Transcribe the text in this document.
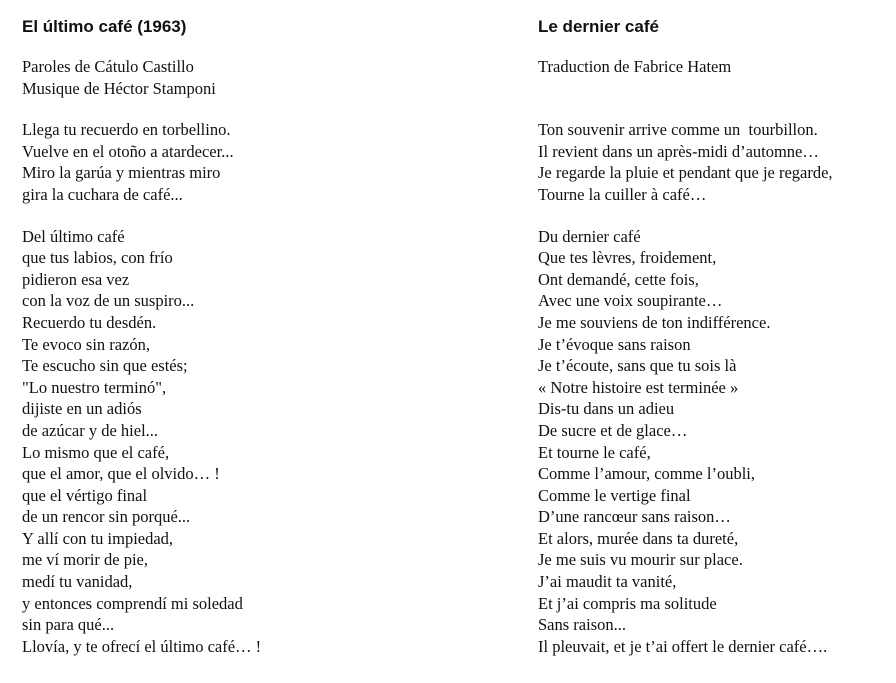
El último café (1963)
Paroles de Cátulo Castillo
Musique de Héctor Stamponi
Llega tu recuerdo en torbellino.
Vuelve en el otoño a atardecer...
Miro la garúa y mientras miro
gira la cuchara de café...
Del último café
que tus labios, con frío
pidieron esa vez
con la voz de un suspiro...
Recuerdo tu desdén.
Te evoco sin razón,
Te escucho sin que estés;
"Lo nuestro terminó",
dijiste en un adiós
de azúcar y de hiel...
Lo mismo que el café,
que el amor, que el olvido… !
que el vértigo final
de un rencor sin porqué...
Y allí con tu impiedad,
me ví morir de pie,
medí tu vanidad,
y entonces comprendí mi soledad
sin para qué...
Llovía, y te ofrecí el último café… !
Le dernier café
Traduction de Fabrice Hatem
Ton souvenir arrive comme un  tourbillon.
Il revient dans un après-midi d’automne…
Je regarde la pluie et pendant que je regarde,
Tourne la cuiller à café…
Du dernier café
Que tes lèvres, froidement,
Ont demandé, cette fois,
Avec une voix soupirante…
Je me souviens de ton indifférence.
Je t’évoque sans raison
Je t’écoute, sans que tu sois là
« Notre histoire est terminée »
Dis-tu dans un adieu
De sucre et de glace…
Et tourne le café,
Comme l’amour, comme l’oubli,
Comme le vertige final
D’une rancœur sans raison…
Et alors, murée dans ta dureté,
Je me suis vu mourir sur place.
J’ai maudit ta vanité,
Et j’ai compris ma solitude
Sans raison...
Il pleuvait, et je t’ai offert le dernier café….
